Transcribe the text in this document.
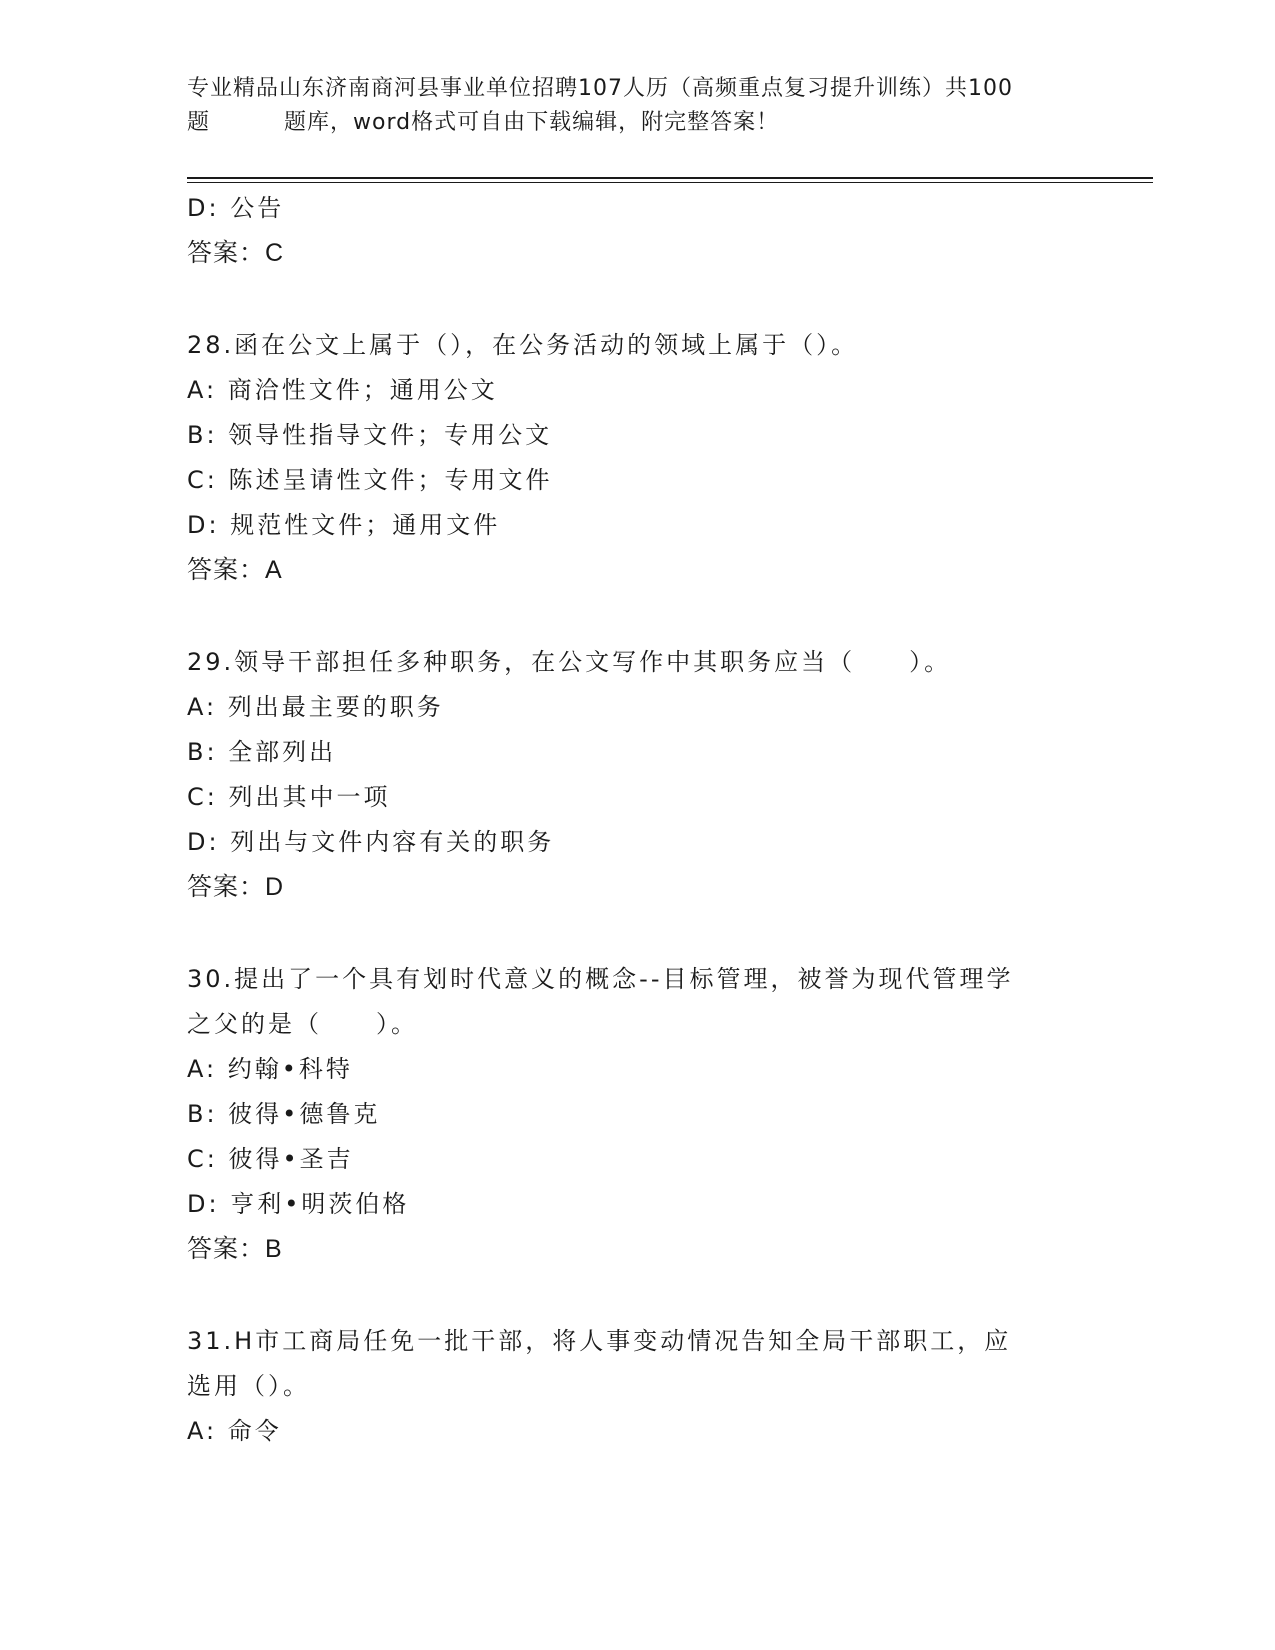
专业精品山东济南商河县事业单位招聘107人历（高频重点复习提升训练）共100
题	题库，word格式可自由下载编辑，附完整答案！
D: 公告
答案：C
28.函在公文上属于（），在公务活动的领域上属于（）。
A: 商洽性文件；通用公文
B: 领导性指导文件；专用公文
C: 陈述呈请性文件；专用文件
D: 规范性文件；通用文件
答案：A
29.领导干部担任多种职务，在公文写作中其职务应当（　　）。
A: 列出最主要的职务
B: 全部列出
C: 列出其中一项
D: 列出与文件内容有关的职务
答案：D
30.提出了一个具有划时代意义的概念--目标管理，被誉为现代管理学
之父的是（　　）。
A: 约翰•科特
B: 彼得•德鲁克
C: 彼得•圣吉
D: 亨利•明茨伯格
答案：B
31.H市工商局任免一批干部，将人事变动情况告知全局干部职工，应
选用（）。
A: 命令
